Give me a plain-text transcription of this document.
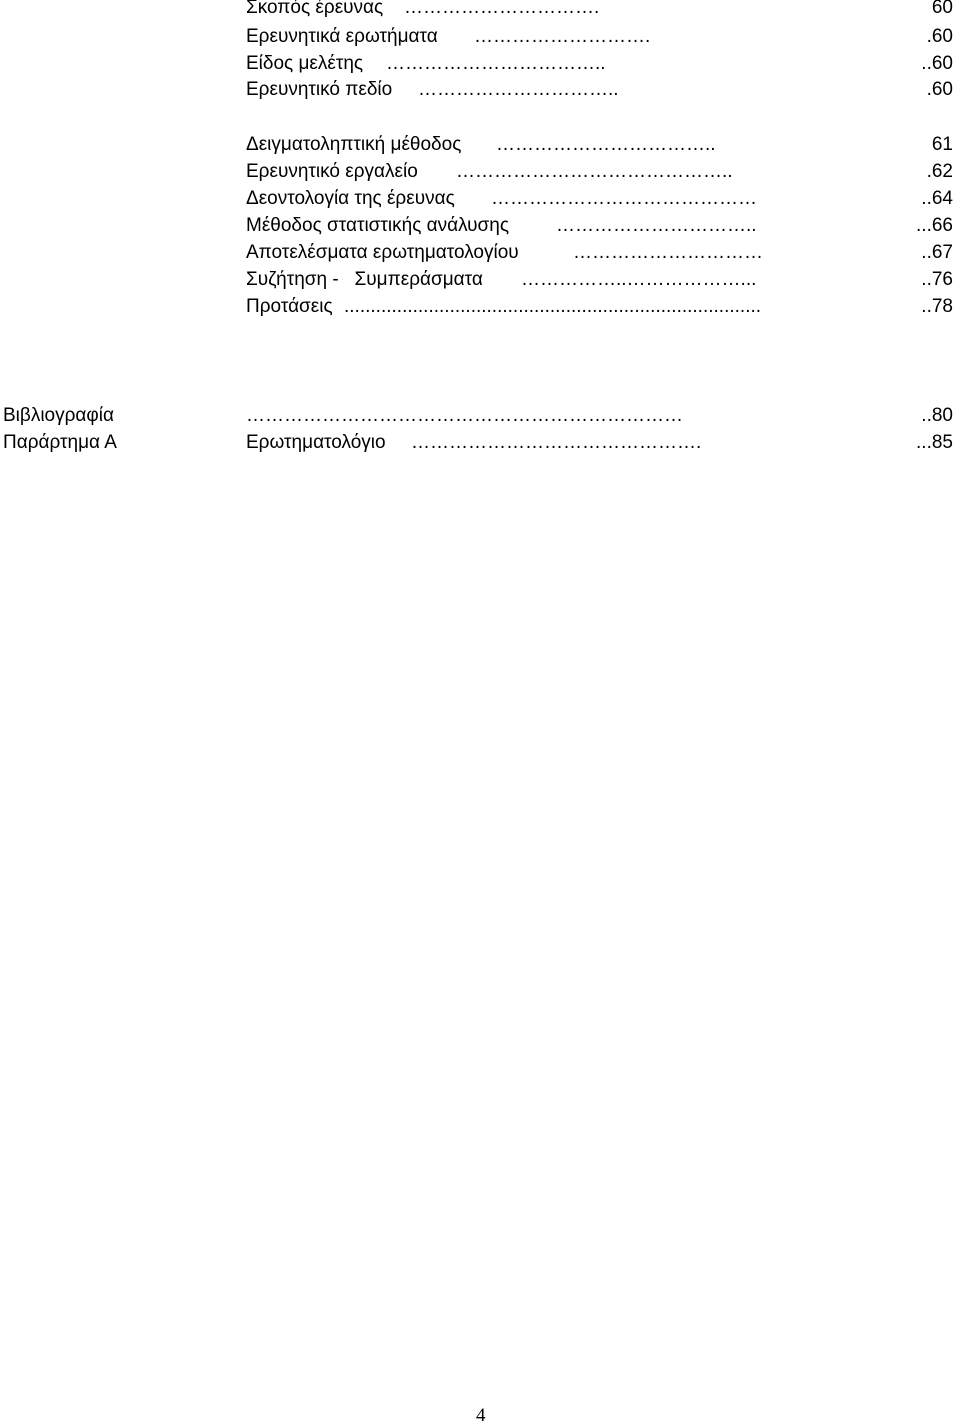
Σκοπός έρευνας ………………………….	60
Ερευνητικά ερωτήματα ……………………….	.60
Είδος μελέτης ……………………………..	..60
Ερευνητικό πεδίο …………………………..	.60
Δειγματοληπτική μέθοδος ……………………………..	61
Ερευνητικό εργαλείο ……………………………………..	.62
Δεοντολογία της έρευνας ……………………………………	..64
Μέθοδος στατιστικής ανάλυσης …………………………..	...66
Αποτελέσματα ερωτηματολογίου	…………………………	..67
Συζήτηση -   Συμπεράσματα ……………..………………...	..76
Προτάσεις ...............................................................................	..78
Βιβλιογραφία	……………………………………………………………	..80
Παράρτημα Α	Ερωτηματολόγιο ……………………………………….	...85
4
